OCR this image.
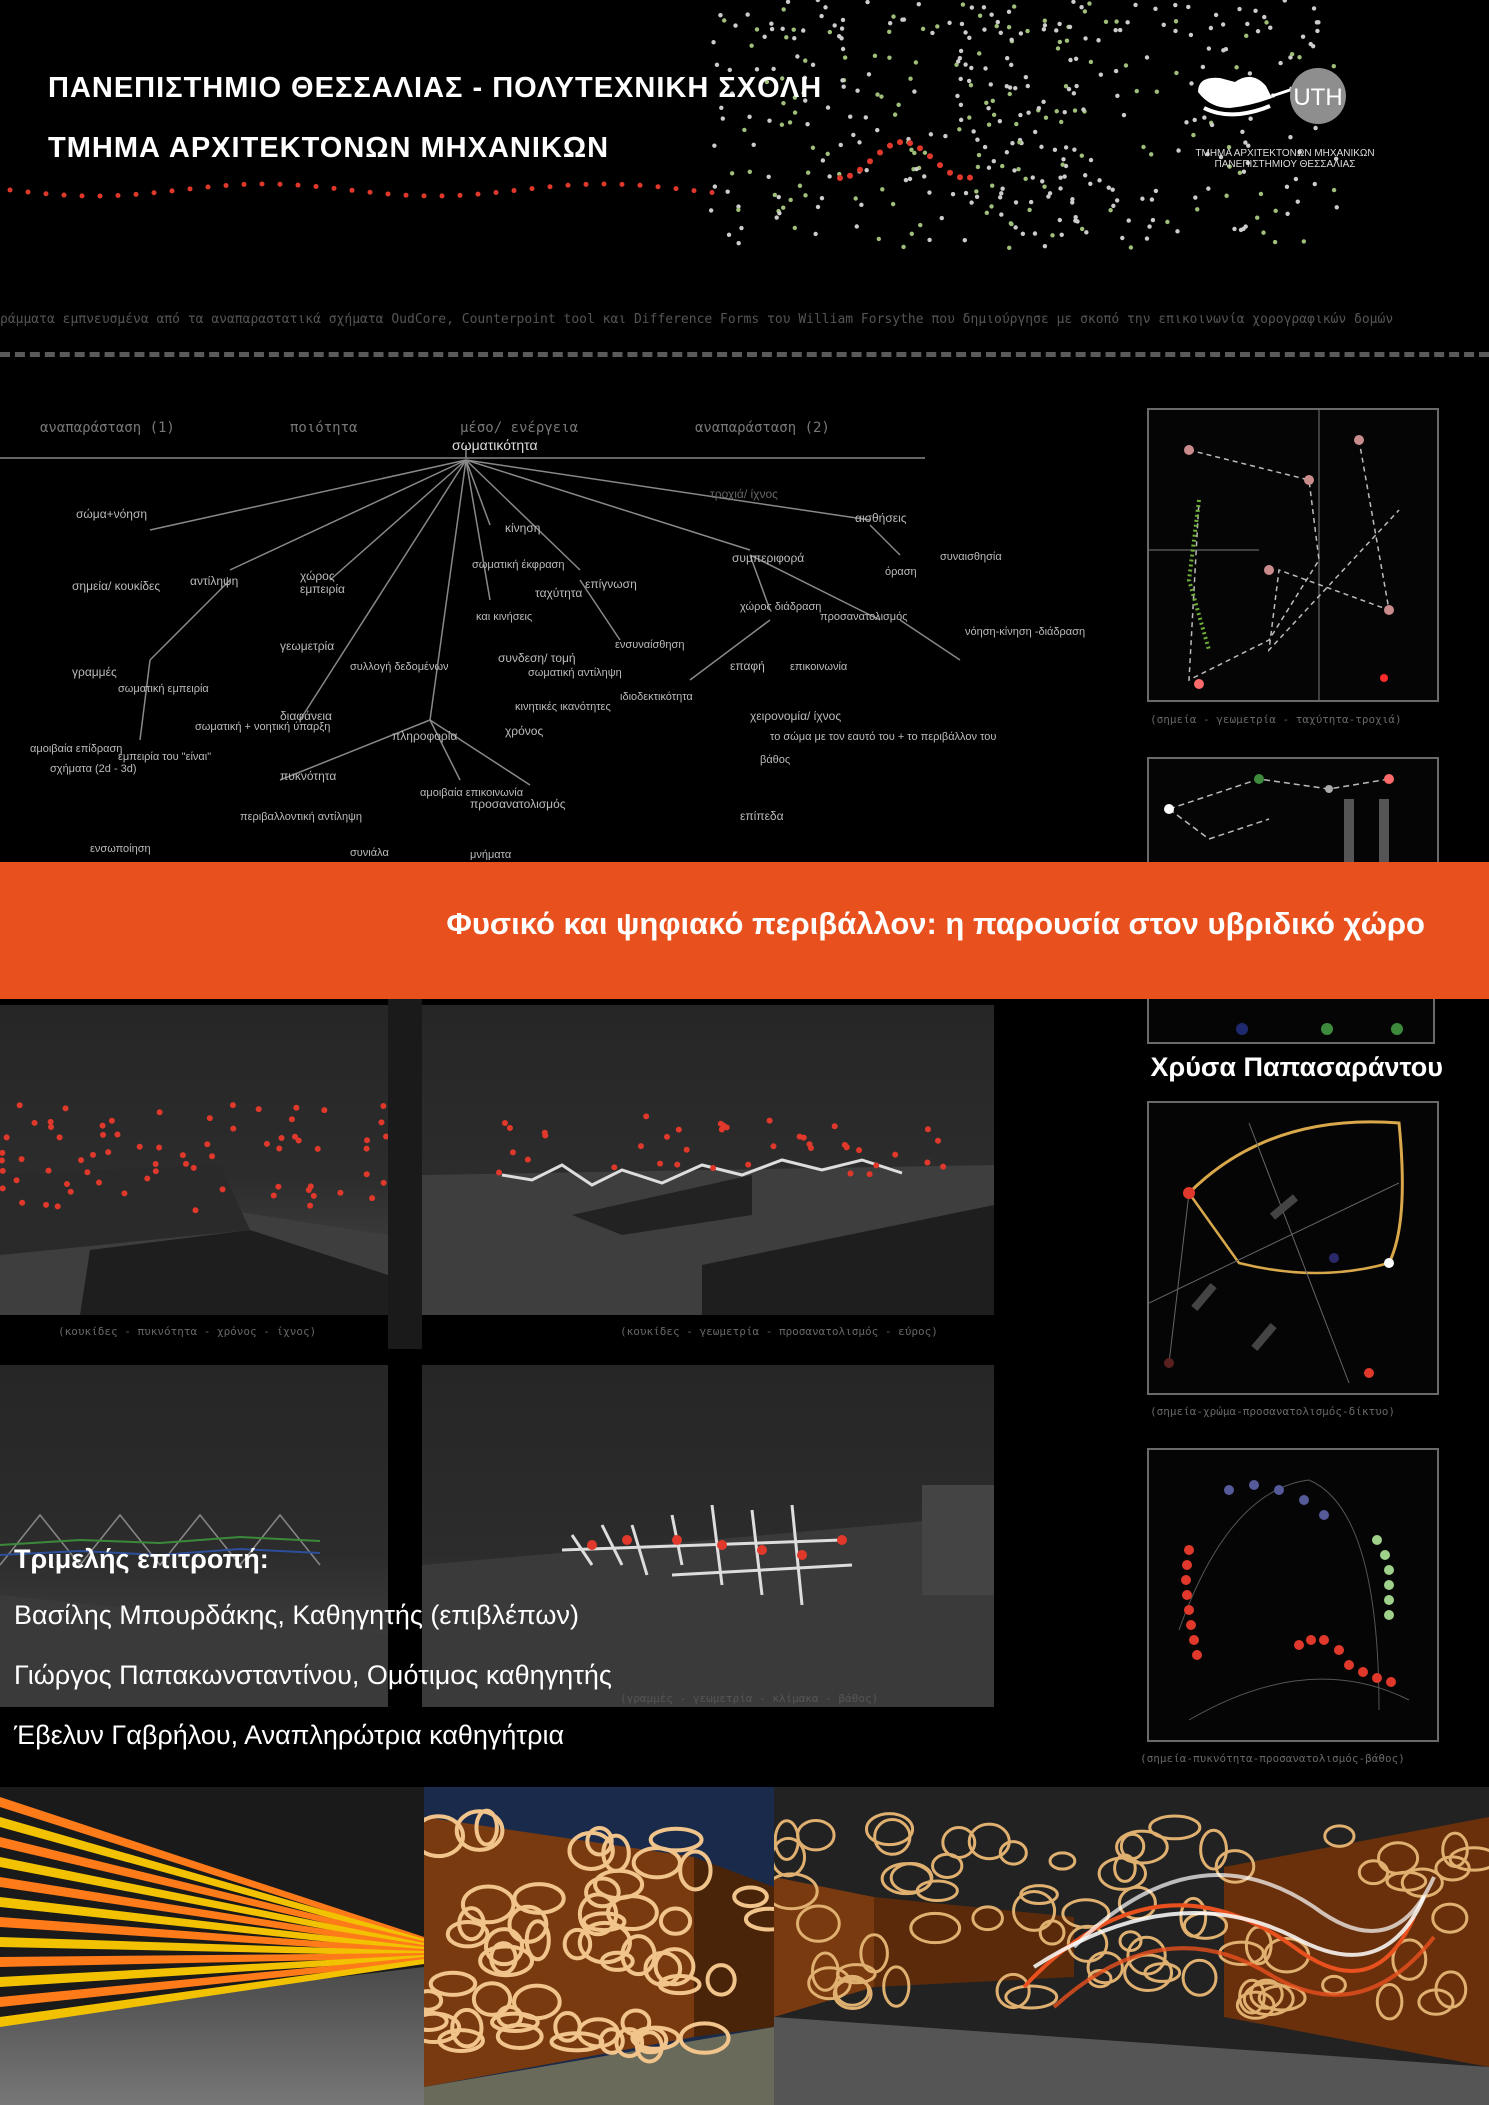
ΠΑΝΕΠΙΣΤΗΜΙΟ ΘΕΣΣΑΛΙΑΣ - ΠΟΛΥΤΕΧΝΙΚΗ ΣΧΟΛΗ
ΤΜΗΜΑ ΑΡΧΙΤΕΚΤΟΝΩΝ ΜΗΧΑΝΙΚΩΝ
UTH
ΤΜΗΜΑ ΑΡΧΙΤΕΚΤΟΝΩΝ ΜΗΧΑΝΙΚΩΝ
ΠΑΝΕΠΙΣΤΗΜΙΟΥ ΘΕΣΣΑΛΙΑΣ
ράμματα εμπνευσμένα από τα αναπαραστατικά σχήματα OudCore, Counterpoint tool και Difference Forms του William Forsythe που δημιούργησε με σκοπό την επικοινωνία χορογραφικών δομών
αναπαράσταση (1)	ποιότητα	μέσο/ ενέργεια	αναπαράσταση (2)
σωματικότητα
σώμα+νόηση
κίνηση
τροχιά/ ίχνος
αισθήσεις
σημεία/ κουκίδες αντίληψη	χώρος
εμπειρία
σωματική έκφραση
ταχύτητα
επίγνωση
συμπεριφορά
όραση
συναισθησία
και κινήσεις
χώρος διάδραση
προσανατολισμός
νόηση-κίνηση -διάδραση
γεωμετρία
συλλογή δεδομένων
συνδεση/ τομή
σωματική αντίληψη
ενσυναίσθηση
επαφή επικοινωνία
γραμμές
σωματική εμπειρία
ιδιοδεκτικότητα
διαφάνεια
σωματική + νοητική ύπαρξη
πληροφορία	χρόνος
κινητικές ικανότητες
χειρονομία/ ίχνος
αμοιβαία επίδραση
εμπειρία του "είναι"
σχήματα (2d - 3d)	πυκνότητα
το σώμα με τον εαυτό του + το περιβάλλον του
βάθος
περιβαλλοντική αντίληψη
αμοιβαία επικοινωνία
προσανατολισμός
επίπεδα
ενσωποίηση	συνιάλα	μνήματα
(σημεία - γεωμετρία - ταχύτητα-τροχιά)
Φυσικό και ψηφιακό περιβάλλον: η παρουσία στον υβριδικό χώρο
Χρύσα Παπασαράντου
(σημεία-χρώμα-προσανατολισμός-δίκτυο)
(σημεία-πυκνότητα-προσανατολισμός-βάθος)
(κουκίδες - πυκνότητα - χρόνος - ίχνος)	(κουκίδες - γεωμετρία - προσανατολισμός - εύρος)
(γραμμές - γεωμετρία - κλίμακα - βάθος)
Τριμελής επιτροπή:
Βασίλης Μπουρδάκης, Καθηγητής (επιβλέπων)
Γιώργος Παπακωνσταντίνου, Ομότιμος καθηγητής
Έβελυν Γαβρήλου, Αναπληρώτρια καθηγήτρια
